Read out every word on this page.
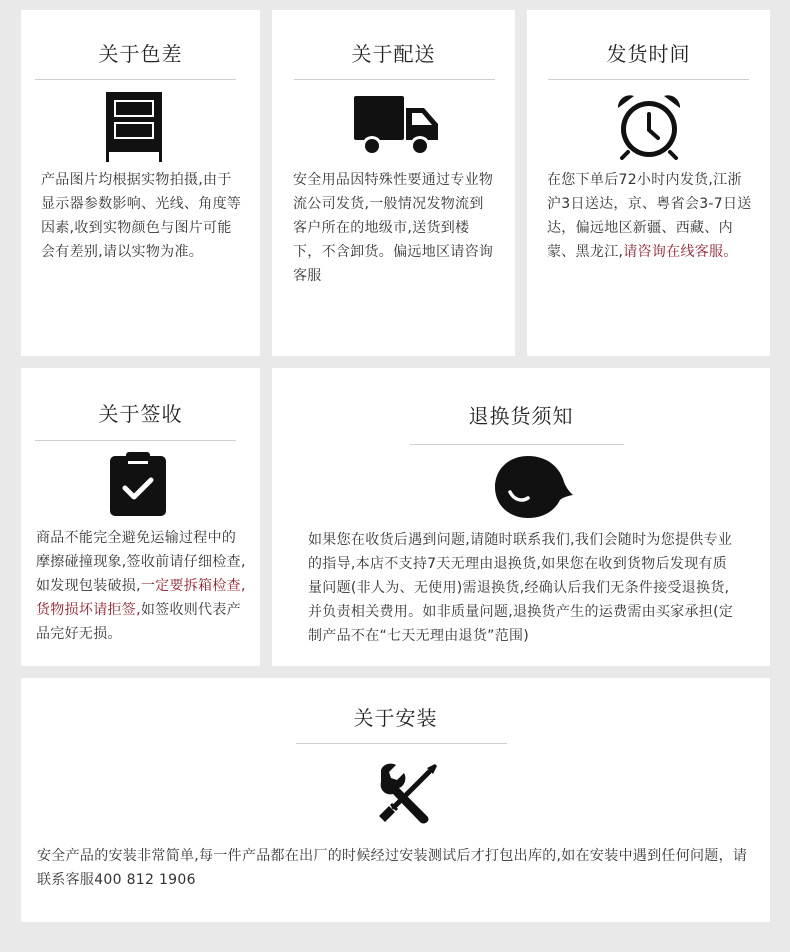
关于色差
产品图片均根据实物拍摄,由于显示器参数影响、光线、角度等因素,收到实物颜色与图片可能会有差别,请以实物为准。
关于配送
安全用品因特殊性要通过专业物流公司发货,一般情况发物流到客户所在的地级市,送货到楼下，不含卸货。偏远地区请咨询客服
发货时间
在您下单后72小时内发货,江浙沪3日送达，京、粤省会3-7日送达，偏远地区新疆、西藏、内蒙、黑龙江,请咨询在线客服。
关于签收
商品不能完全避免运输过程中的摩擦碰撞现象,签收前请仔细检查,如发现包装破损,一定要拆箱检查,货物损坏请拒签,如签收则代表产品完好无损。
退换货须知
如果您在收货后遇到问题,请随时联系我们,我们会随时为您提供专业的指导,本店不支持7天无理由退换货,如果您在收到货物后发现有质量问题(非人为、无使用)需退换货,经确认后我们无条件接受退换货,并负责相关费用。如非质量问题,退换货产生的运费需由买家承担(定制产品不在“七天无理由退货”范围)
关于安装
安全产品的安装非常简单,每一件产品都在出厂的时候经过安装测试后才打包出库的,如在安装中遇到任何问题，请联系客服400 812 1906
